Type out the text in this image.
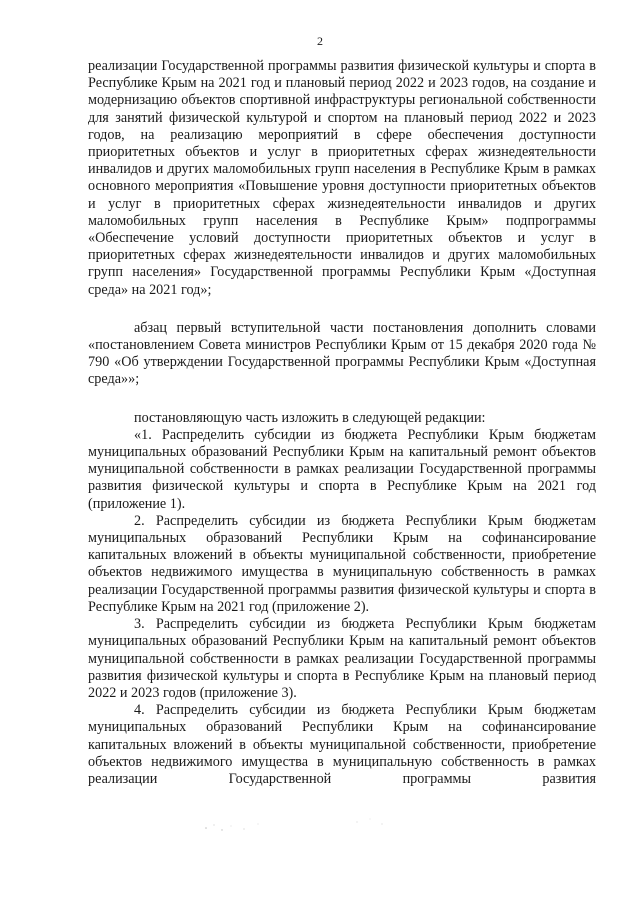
2

реализации Государственной программы развития физической культуры и спорта в Республике Крым на 2021 год и плановый период 2022 и 2023 годов, на создание и модернизацию объектов спортивной инфраструктуры региональной собственности для занятий физической культурой и спортом на плановый период 2022 и 2023 годов, на реализацию мероприятий в сфере обеспечения доступности приоритетных объектов и услуг в приоритетных сферах жизнедеятельности инвалидов и других маломобильных групп населения в Республике Крым в рамках основного мероприятия «Повышение уровня доступности приоритетных объектов и услуг в приоритетных сферах жизнедеятельности инвалидов и других маломобильных групп населения в Республике Крым» подпрограммы «Обеспечение условий доступности приоритетных объектов и услуг в приоритетных сферах жизнедеятельности инвалидов и других маломобильных групп населения» Государственной программы Республики Крым «Доступная среда» на 2021 год»;

абзац первый вступительной части постановления дополнить словами «постановлением Совета министров Республики Крым от 15 декабря 2020 года № 790 «Об утверждении Государственной программы Республики Крым «Доступная среда»»;

постановляющую часть изложить в следующей редакции:

«1. Распределить субсидии из бюджета Республики Крым бюджетам муниципальных образований Республики Крым на капитальный ремонт объектов муниципальной собственности в рамках реализации Государственной программы развития физической культуры и спорта в Республике Крым на 2021 год (приложение 1).

2. Распределить субсидии из бюджета Республики Крым бюджетам муниципальных образований Республики Крым на софинансирование капитальных вложений в объекты муниципальной собственности, приобретение объектов недвижимого имущества в муниципальную собственность в рамках реализации Государственной программы развития физической культуры и спорта в Республике Крым на 2021 год (приложение 2).

3. Распределить субсидии из бюджета Республики Крым бюджетам муниципальных образований Республики Крым на капитальный ремонт объектов муниципальной собственности в рамках реализации Государственной программы развития физической культуры и спорта в Республике Крым на плановый период 2022 и 2023 годов (приложение 3).

4. Распределить субсидии из бюджета Республики Крым бюджетам муниципальных образований Республики Крым на софинансирование капитальных вложений в объекты муниципальной собственности, приобретение объектов недвижимого имущества в муниципальную собственность в рамках реализации Государственной программы развития
